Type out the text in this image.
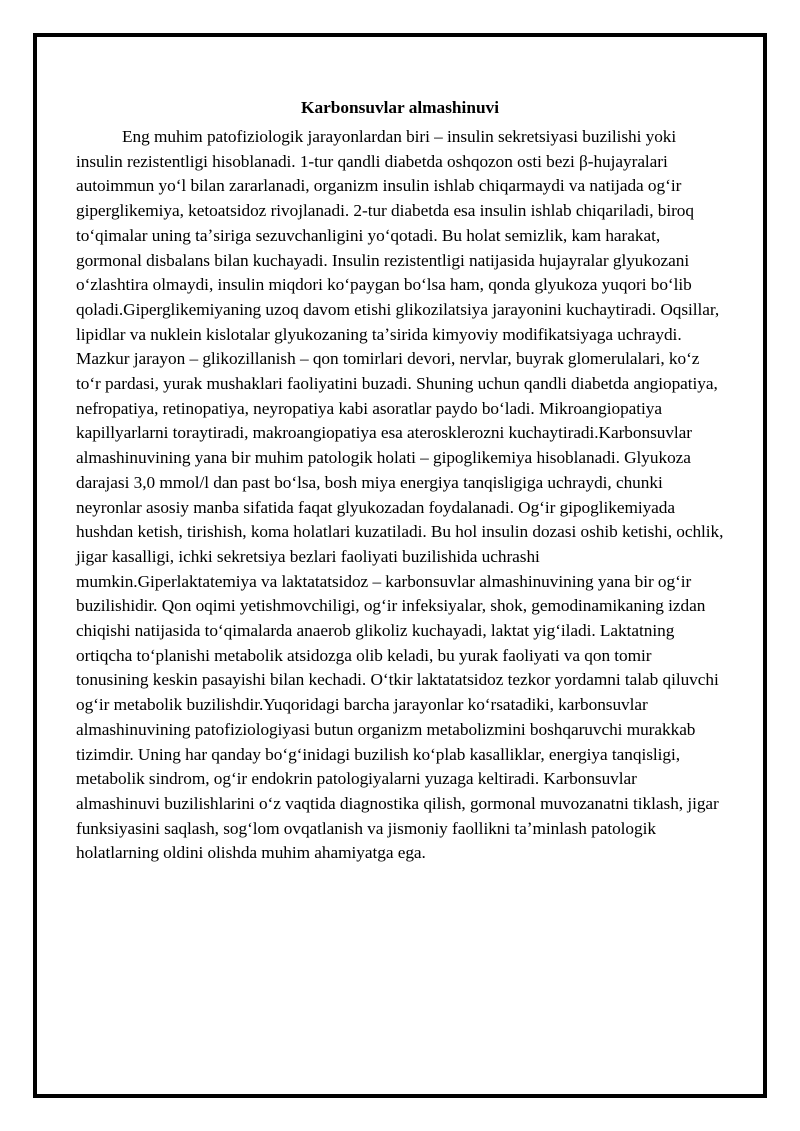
Karbonsuvlar almashinuvi

Eng muhim patofiziologik jarayonlardan biri – insulin sekretsiyasi buzilishi yoki insulin rezistentligi hisoblanadi. 1-tur qandli diabetda oshqozon osti bezi β-hujayralari autoimmun yoʻl bilan zararlanadi, organizm insulin ishlab chiqarmaydi va natijada ogʻir giperglikemiya, ketoatsidoz rivojlanadi. 2-tur diabetda esa insulin ishlab chiqariladi, biroq toʻqimalar uning taʼsiriga sezuvchanligini yoʻqotadi. Bu holat semizlik, kam harakat, gormonal disbalans bilan kuchayadi. Insulin rezistentligi natijasida hujayralar glyukozani oʻzlashtira olmaydi, insulin miqdori koʻpaygan boʻlsa ham, qonda glyukoza yuqori boʻlib qoladi.Giperglikemiyaning uzoq davom etishi glikozilatsiya jarayonini kuchaytiradi. Oqsillar, lipidlar va nuklein kislotalar glyukozaning taʼsirida kimyoviy modifikatsiyaga uchraydi. Mazkur jarayon – glikozillanish – qon tomirlari devori, nervlar, buyrak glomerulalari, koʻz toʻr pardasi, yurak mushaklari faoliyatini buzadi. Shuning uchun qandli diabetda angiopatiya, nefropatiya, retinopatiya, neyropatiya kabi asoratlar paydo boʻladi. Mikroangiopatiya kapillyarlarni toraytiradi, makroangiopatiya esa aterosklerozni kuchaytiradi.Karbonsuvlar almashinuvining yana bir muhim patologik holati – gipoglikemiya hisoblanadi. Glyukoza darajasi 3,0 mmol/l dan past boʻlsa, bosh miya energiya tanqisligiga uchraydi, chunki neyronlar asosiy manba sifatida faqat glyukozadan foydalanadi. Ogʻir gipoglikemiyada hushdan ketish, tirishish, koma holatlari kuzatiladi. Bu hol insulin dozasi oshib ketishi, ochlik, jigar kasalligi, ichki sekretsiya bezlari faoliyati buzilishida uchrashi mumkin.Giperlaktatemiya va laktatatsidoz – karbonsuvlar almashinuvining yana bir ogʻir buzilishidir. Qon oqimi yetishmovchiligi, ogʻir infeksiyalar, shok, gemodinamikaning izdan chiqishi natijasida toʻqimalarda anaerob glikoliz kuchayadi, laktat yigʻiladi. Laktatning ortiqcha toʻplanishi metabolik atsidozga olib keladi, bu yurak faoliyati va qon tomir tonusining keskin pasayishi bilan kechadi. Oʻtkir laktatatsidoz tezkor yordamni talab qiluvchi ogʻir metabolik buzilishdir.Yuqoridagi barcha jarayonlar koʻrsatadiki, karbonsuvlar almashinuvining patofiziologiyasi butun organizm metabolizmini boshqaruvchi murakkab tizimdir. Uning har qanday boʻgʻinidagi buzilish koʻplab kasalliklar, energiya tanqisligi, metabolik sindrom, ogʻir endokrin patologiyalarni yuzaga keltiradi. Karbonsuvlar almashinuvi buzilishlarini oʻz vaqtida diagnostika qilish, gormonal muvozanatni tiklash, jigar funksiyasini saqlash, sogʻlom ovqatlanish va jismoniy faollikni taʼminlash patologik holatlarning oldini olishda muhim ahamiyatga ega.
